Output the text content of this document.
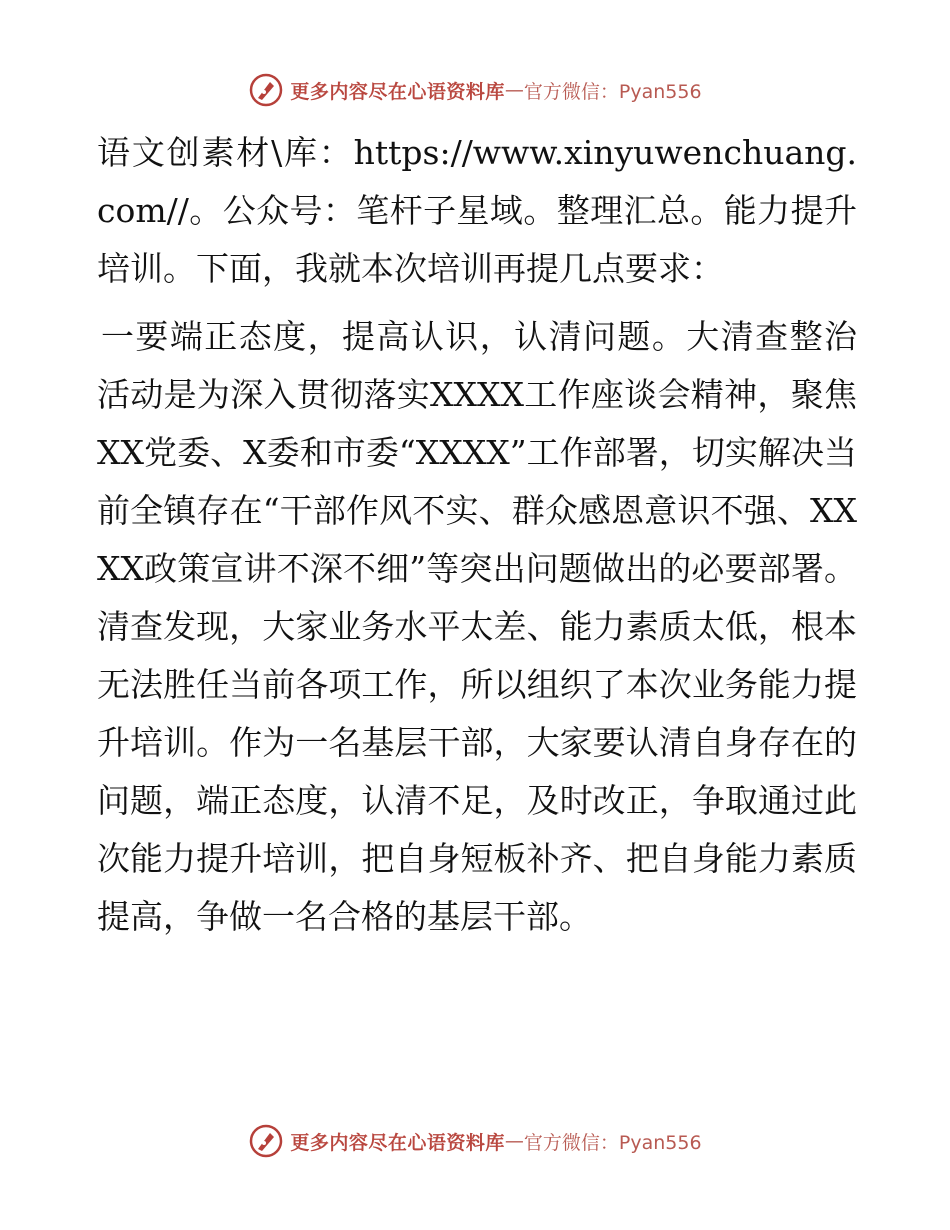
更多内容尽在心语资料库 — 官方微信：Pyan556

语文创素材\库：https://www.xinyuwenchuang.com//。公众号：笔杆子星域。整理汇总。能力提升培训。下面，我就本次培训再提几点要求：

一要端正态度，提高认识，认清问题。大清查整治活动是为深入贯彻落实XXXX工作座谈会精神，聚焦XX党委、X委和市委“XXXX”工作部署，切实解决当前全镇存在“干部作风不实、群众感恩意识不强、XXXX政策宣讲不深不细”等突出问题做出的必要部署。清查发现，大家业务水平太差、能力素质太低，根本无法胜任当前各项工作，所以组织了本次业务能力提升培训。作为一名基层干部，大家要认清自身存在的问题，端正态度，认清不足，及时改正，争取通过此次能力提升培训，把自身短板补齐、把自身能力素质提高，争做一名合格的基层干部。

更多内容尽在心语资料库 — 官方微信：Pyan556
